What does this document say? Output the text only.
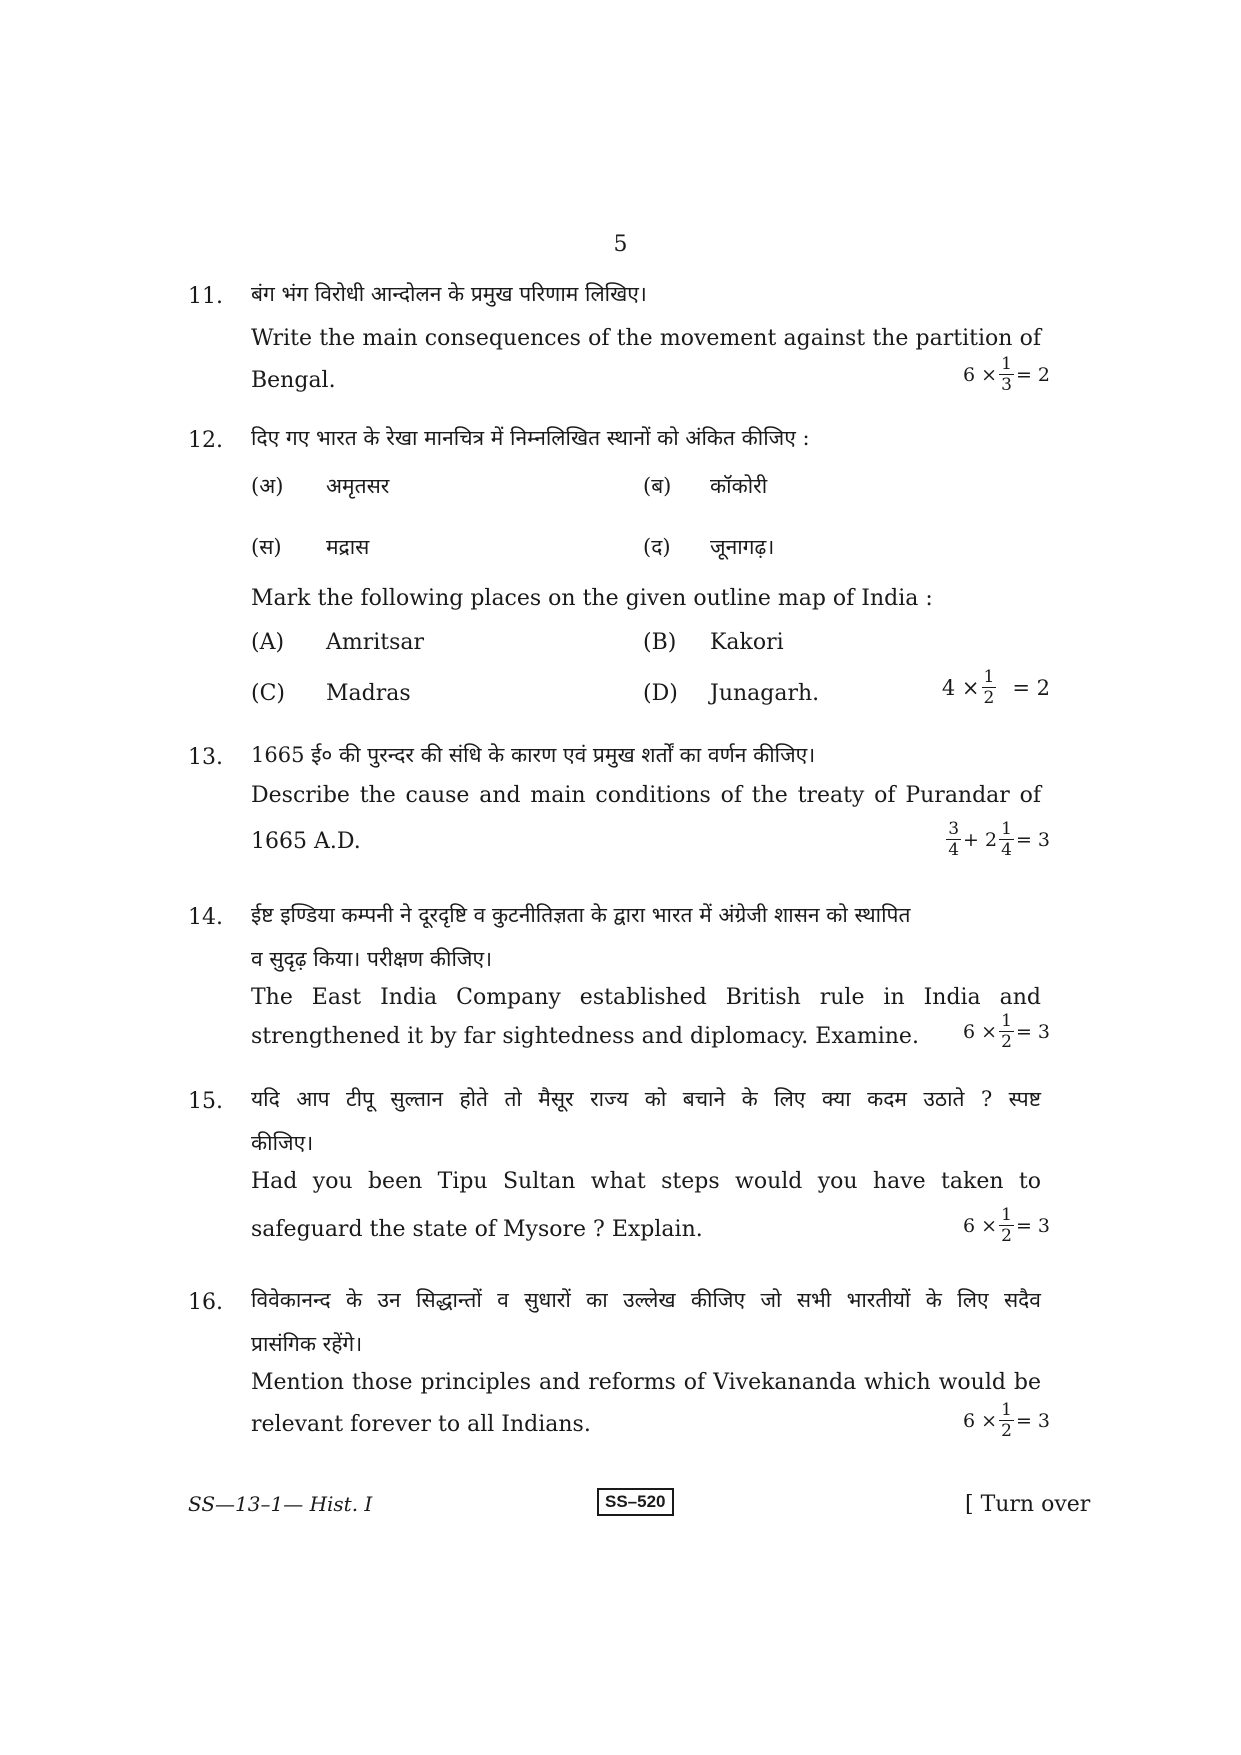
5
11. बंग भंग विरोधी आन्दोलन के प्रमुख परिणाम लिखिए।
Write the main consequences of the movement against the partition of
Bengal.	$6 \times \frac{1}{3} = 2$
12. दिए गए भारत के रेखा मानचित्र में निम्नलिखित स्थानों को अंकित कीजिए :
(अ) अमृतसर	(ब) कॉकोरी
(स) मद्रास	(द) जूनागढ़।
Mark the following places on the given outline map of India :
(A) Amritsar	(B) Kakori
(C) Madras	(D) Junagarh.	$4 \times \frac{1}{2} = 2$
13. 1665 ई० की पुरन्दर की संधि के कारण एवं प्रमुख शर्तों का वर्णन कीजिए।
Describe the cause and main conditions of the treaty of Purandar of
1665 A.D.	$\frac{3}{4} + 2 \frac{1}{4} = 3$
14. ईष्ट इण्डिया कम्पनी ने दूरदृष्टि व कुटनीतिज्ञता के द्वारा भारत में अंग्रेजी शासन को स्थापित
व सुदृढ़ किया। परीक्षण कीजिए।
The East India Company established British rule in India and
strengthened it by far sightedness and diplomacy. Examine. $6 \times \frac{1}{2} = 3$
15. यदि आप टीपू सुल्तान होते तो मैसूर राज्य को बचाने के लिए क्या कदम उठाते ? स्पष्ट
कीजिए।
Had you been Tipu Sultan what steps would you have taken to
safeguard the state of Mysore ? Explain.	$6 \times \frac{1}{2} = 3$
16. विवेकानन्द के उन सिद्धान्तों व सुधारों का उल्लेख कीजिए जो सभी भारतीयों के लिए सदैव
प्रासंगिक रहेंगे।
Mention those principles and reforms of Vivekananda which would be
relevant forever to all Indians.	$6 \times \frac{1}{2} = 3$
SS—13–1— Hist. I	SS–520	[ Turn over
